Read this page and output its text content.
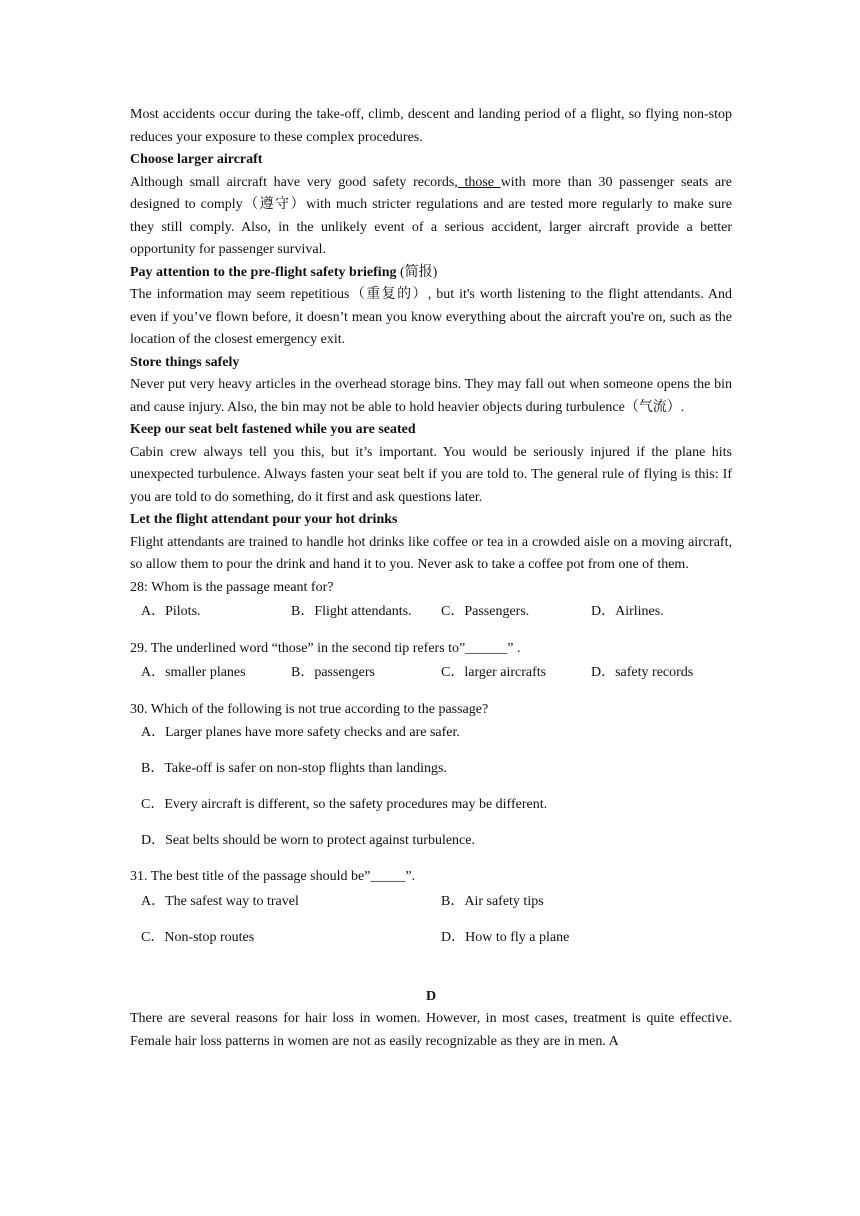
Most accidents occur during the take-off, climb, descent and landing period of a flight, so flying non-stop reduces your exposure to these complex procedures.

Choose larger aircraft

Although small aircraft have very good safety records, those with more than 30 passenger seats are designed to comply（遵守）with much stricter regulations and are tested more regularly to make sure they still comply. Also, in the unlikely event of a serious accident, larger aircraft provide a better opportunity for passenger survival.

Pay attention to the pre-flight safety briefing (简报)

The information may seem repetitious（重复的）, but it's worth listening to the flight attendants. And even if you’ve flown before, it doesn’t mean you know everything about the aircraft you're on, such as the location of the closest emergency exit.

Store things safely

Never put very heavy articles in the overhead storage bins. They may fall out when someone opens the bin and cause injury. Also, the bin may not be able to hold heavier objects during turbulence（气流）.

Keep our seat belt fastened while you are seated

Cabin crew always tell you this, but it’s important. You would be seriously injured if the plane hits unexpected turbulence. Always fasten your seat belt if you are told to. The general rule of flying is this: If you are told to do something, do it first and ask questions later.

Let the flight attendant pour your hot drinks

Flight attendants are trained to handle hot drinks like coffee or tea in a crowded aisle on a moving aircraft, so allow them to pour the drink and hand it to you. Never ask to take a coffee pot from one of them.

28: Whom is the passage meant for?

A．Pilots.	B．Flight attendants.	C．Passengers.	D．Airlines.

29. The underlined word “those” in the second tip refers to”______” .

A．smaller planes	B．passengers	C．larger aircrafts	D．safety records

30. Which of the following is not true according to the passage?

A．Larger planes have more safety checks and are safer.

B．Take-off is safer on non-stop flights than landings.

C．Every aircraft is different, so the safety procedures may be different.

D．Seat belts should be worn to protect against turbulence.

31. The best title of the passage should be”_____”.

A．The safest way to travel	B．Air safety tips
C．Non-stop routes	D．How to fly a plane

D

There are several reasons for hair loss in women. However, in most cases, treatment is quite effective. Female hair loss patterns in women are not as easily recognizable as they are in men. A
